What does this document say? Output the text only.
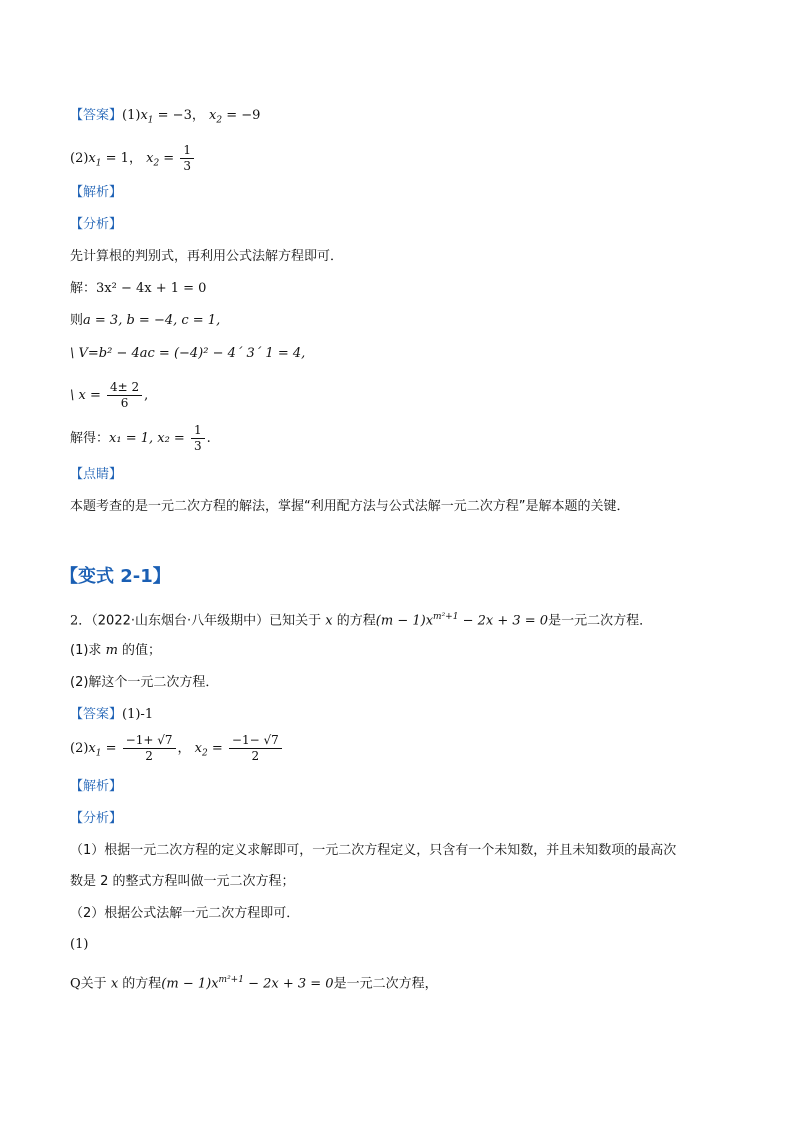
【答案】$(1)x_1 = -3$， $x_2 = -9$
$(2)x_1 = 1$， $x_2 = \frac{1}{3}$
【解析】
【分析】
先计算根的判别式，再利用公式法解方程即可．
解：3x² − 4x + 1 = 0
则a = 3, b = −4, c = 1,
\ V=b² − 4ac = (−4)² − 4´ 3´ 1 = 4,
\ $x = \frac{4\pm 2}{6}$ ,
解得：x₁ = 1, $x_2 = \frac{1}{3}$ .
【点睛】
本题考查的是一元二次方程的解法，掌握“利用配方法与公式法解一元二次方程”是解本题的关键．
【变式 2-1】
2．（2022·山东烟台·八年级期中）已知关于 x 的方程$(m - 1)x^{m^2+1} - 2x + 3 = 0$是一元二次方程．
(1)求 m 的值；
(2)解这个一元二次方程．
【答案】(1)-1
$(2)x_1 = \frac{-1+ √7}{2}$ ， $x_2 = \frac{-1- √7}{2}$
【解析】
【分析】
（1）根据一元二次方程的定义求解即可，一元二次方程定义，只含有一个未知数，并且未知数项的最高次
数是 2 的整式方程叫做一元二次方程；
（2）根据公式法解一元二次方程即可．
(1)
Q关于 x 的方程$(m - 1)x^{m^2+1} - 2x + 3 = 0$是一元二次方程，
